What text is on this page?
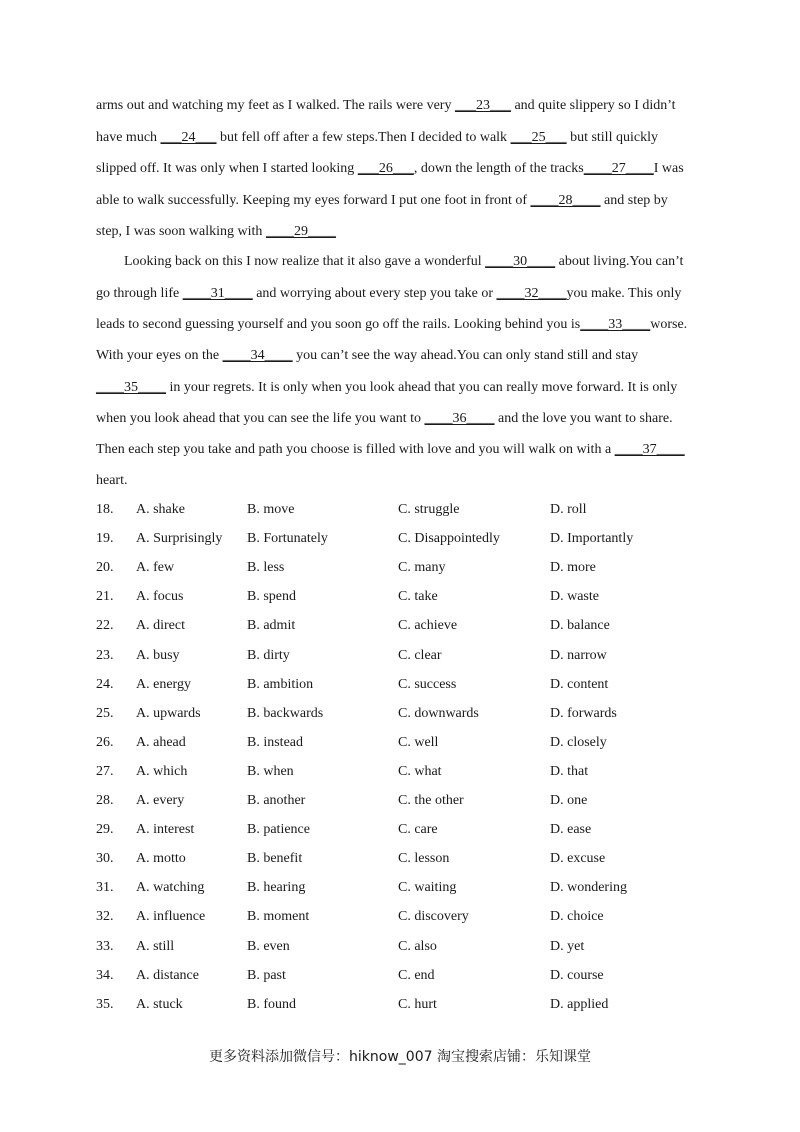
arms out and watching my feet as I walked. The rails were very ___23___ and quite slippery so I didn’t
have much ___24___ but fell off after a few steps.Then I decided to walk ___25___ but still quickly
slipped off. It was only when I started looking ___26___, down the length of the tracks____27____I was
able to walk successfully. Keeping my eyes forward I put one foot in front of ____28____ and step by
step, I was soon walking with ____29____
Looking back on this I now realize that it also gave a wonderful ____30____ about living.You can’t
go through life ____31____ and worrying about every step you take or ____32____you make. This only
leads to second guessing yourself and you soon go off the rails. Looking behind you is____33____worse.
With your eyes on the ____34____ you can’t see the way ahead.You can only stand still and stay
____35____ in your regrets. It is only when you look ahead that you can really move forward. It is only
when you look ahead that you can see the life you want to ____36____ and the love you want to share.
Then each step you take and path you choose is filled with love and you will walk on with a ____37____
heart.
18. A. shake	B. move	C. struggle	D. roll
19. A. Surprisingly B. Fortunately	C. Disappointedly	D. Importantly
20. A. few	B. less	C. many	D. more
21. A. focus	B. spend	C. take	D. waste
22. A. direct	B. admit	C. achieve	D. balance
23. A. busy	B. dirty	C. clear	D. narrow
24. A. energy	B. ambition	C. success	D. content
25. A. upwards	B. backwards	C. downwards	D. forwards
26. A. ahead	B. instead	C. well	D. closely
27. A. which	B. when	C. what	D. that
28. A. every	B. another	C. the other	D. one
29. A. interest	B. patience	C. care	D. ease
30. A. motto	B. benefit	C. lesson	D. excuse
31. A. watching	B. hearing	C. waiting	D. wondering
32. A. influence	B. moment	C. discovery	D. choice
33. A. still	B. even	C. also	D. yet
34. A. distance	B. past	C. end	D. course
35. A. stuck	B. found	C. hurt	D. applied
更多资料添加微信号：hiknow_007 淘宝搜索店铺：乐知课堂
